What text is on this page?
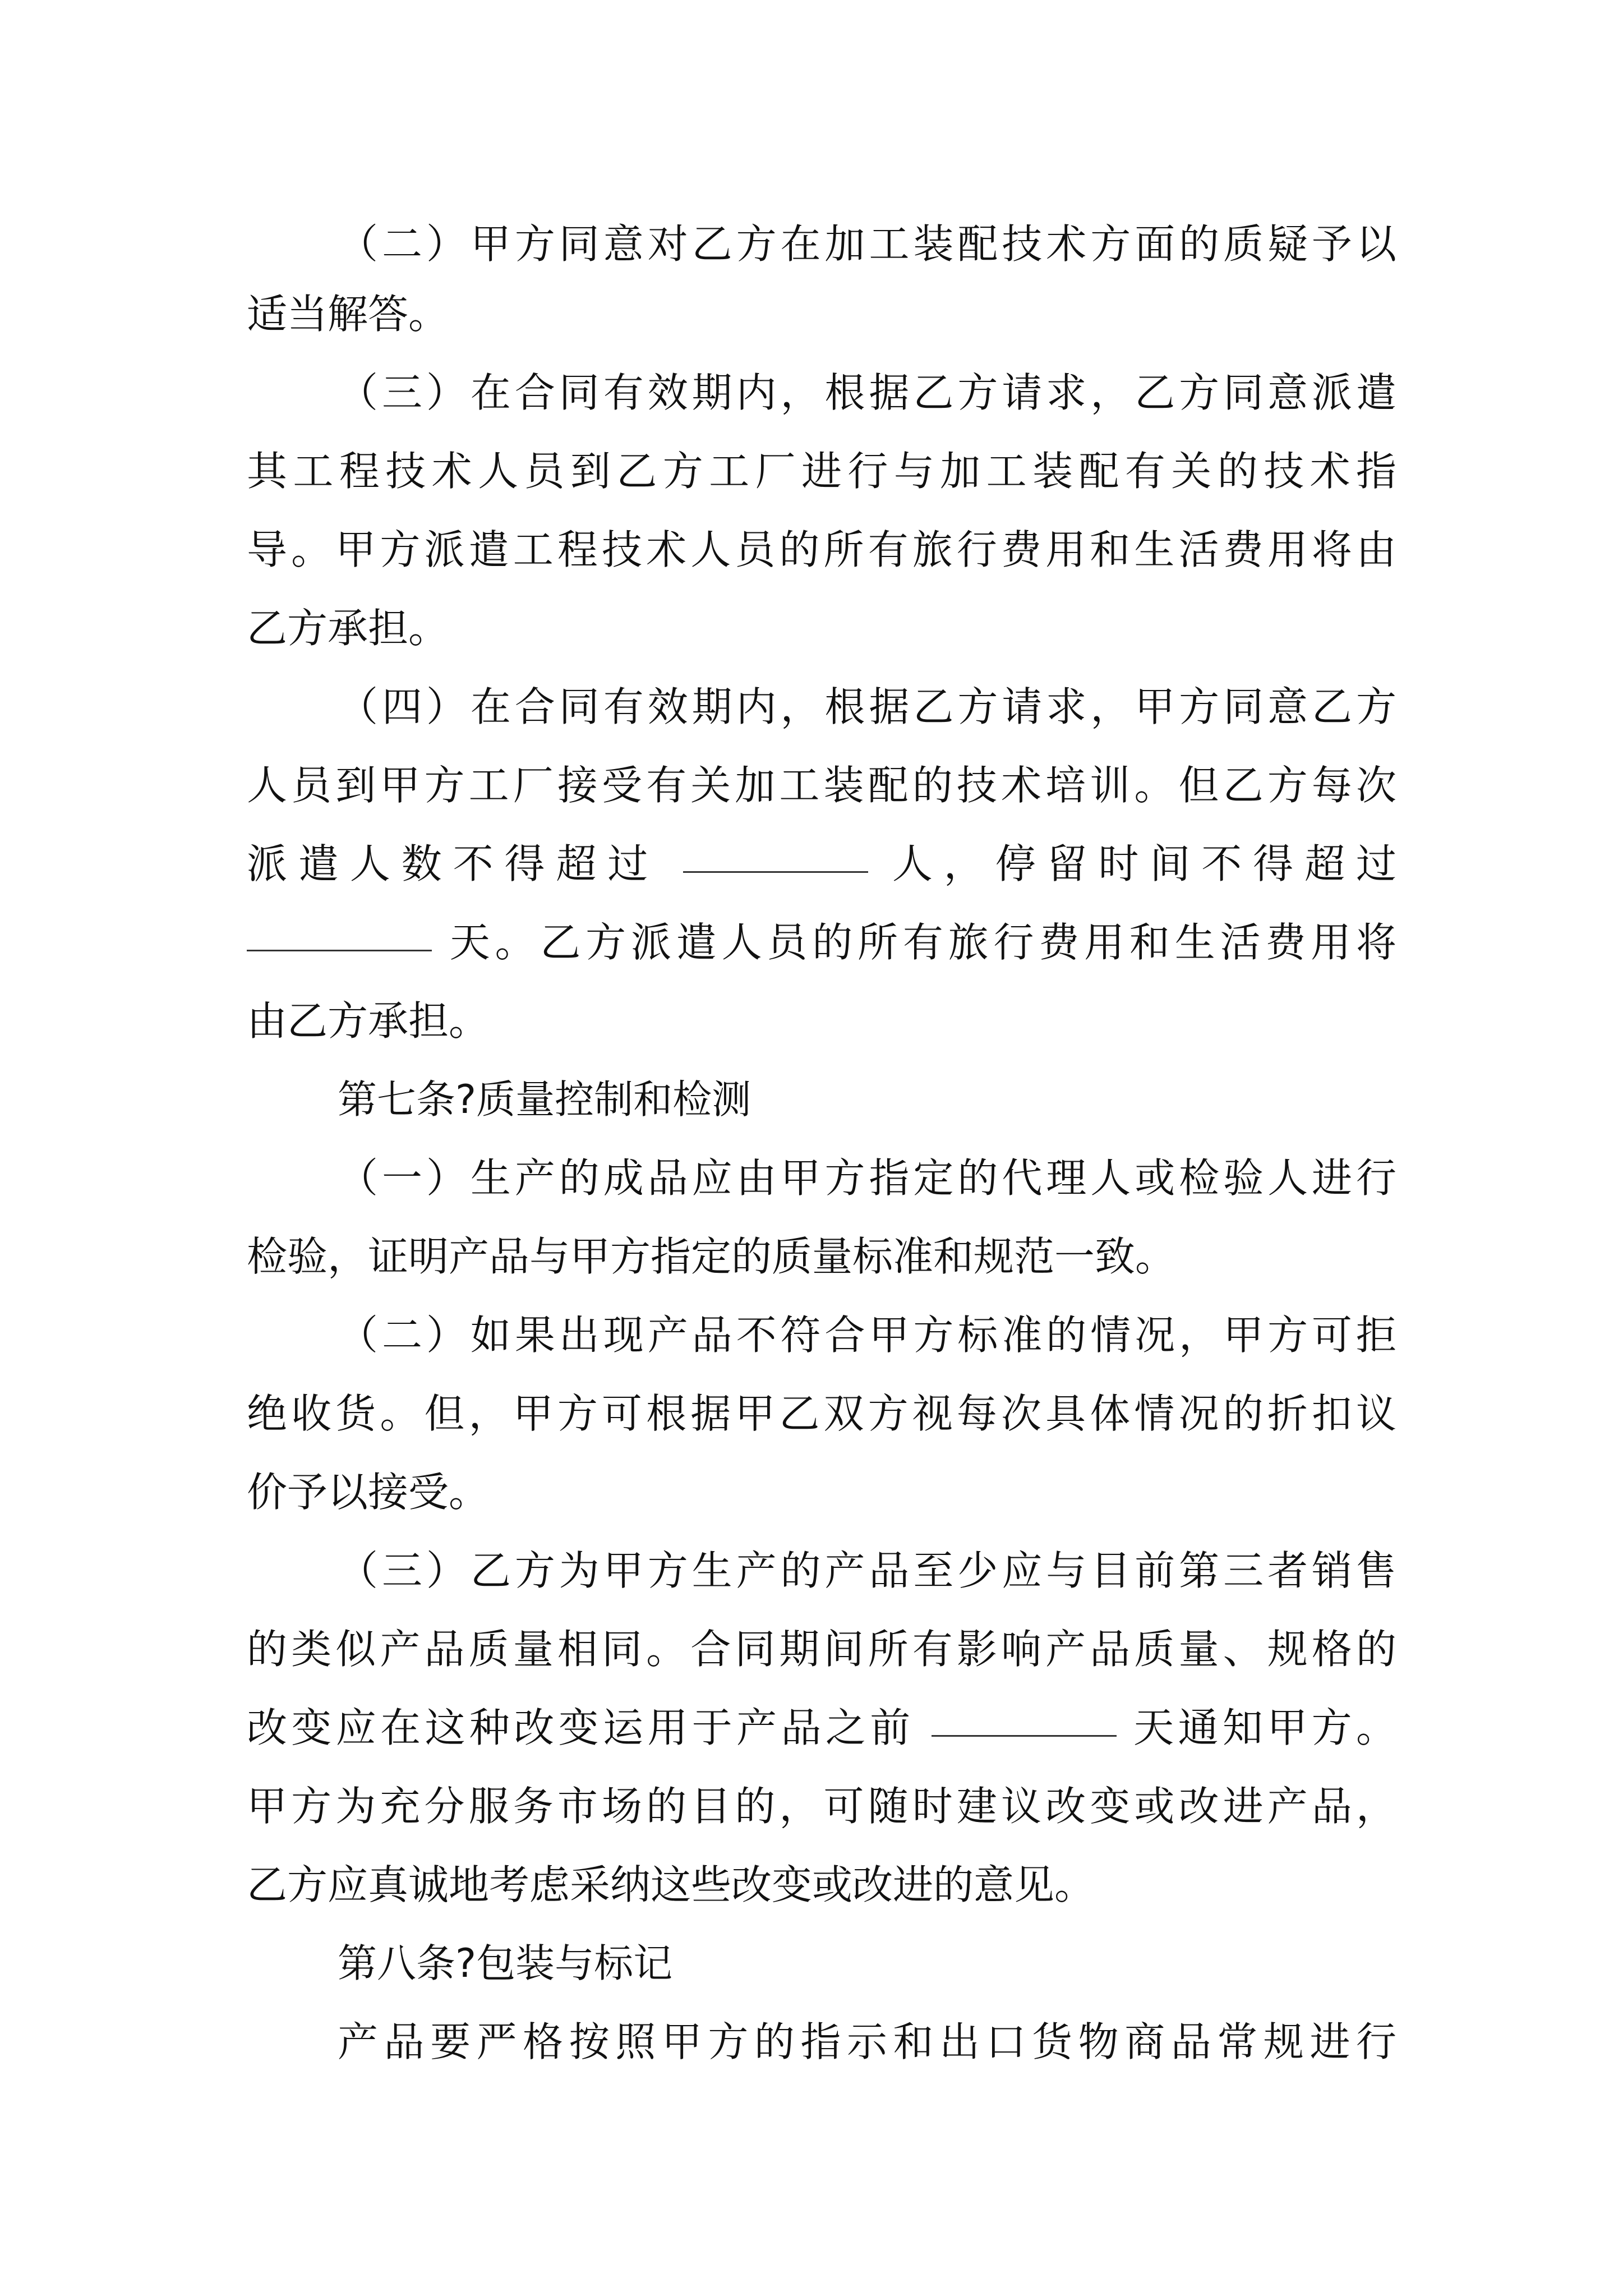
（二）甲方同意对乙方在加工装配技术方面的质疑予以
适当解答。
（三）在合同有效期内，根据乙方请求，乙方同意派遣
其工程技术人员到乙方工厂进行与加工装配有关的技术指
导。甲方派遣工程技术人员的所有旅行费用和生活费用将由
乙方承担。
（四）在合同有效期内，根据乙方请求，甲方同意乙方
人员到甲方工厂接受有关加工装配的技术培训。但乙方每次
派遣人数不得超过	人，停留时间不得超过
天。乙方派遣人员的所有旅行费用和生活费用将
由乙方承担。
第七条?质量控制和检测
（一）生产的成品应由甲方指定的代理人或检验人进行
检验，证明产品与甲方指定的质量标准和规范一致。
（二）如果出现产品不符合甲方标准的情况，甲方可拒
绝收货。但，甲方可根据甲乙双方视每次具体情况的折扣议
价予以接受。
（三）乙方为甲方生产的产品至少应与目前第三者销售
的类似产品质量相同。合同期间所有影响产品质量、规格的
改变应在这种改变运用于产品之前	天通知甲方。
甲方为充分服务市场的目的，可随时建议改变或改进产品，
乙方应真诚地考虑采纳这些改变或改进的意见。
第八条?包装与标记
产品要严格按照甲方的指示和出口货物商品常规进行
